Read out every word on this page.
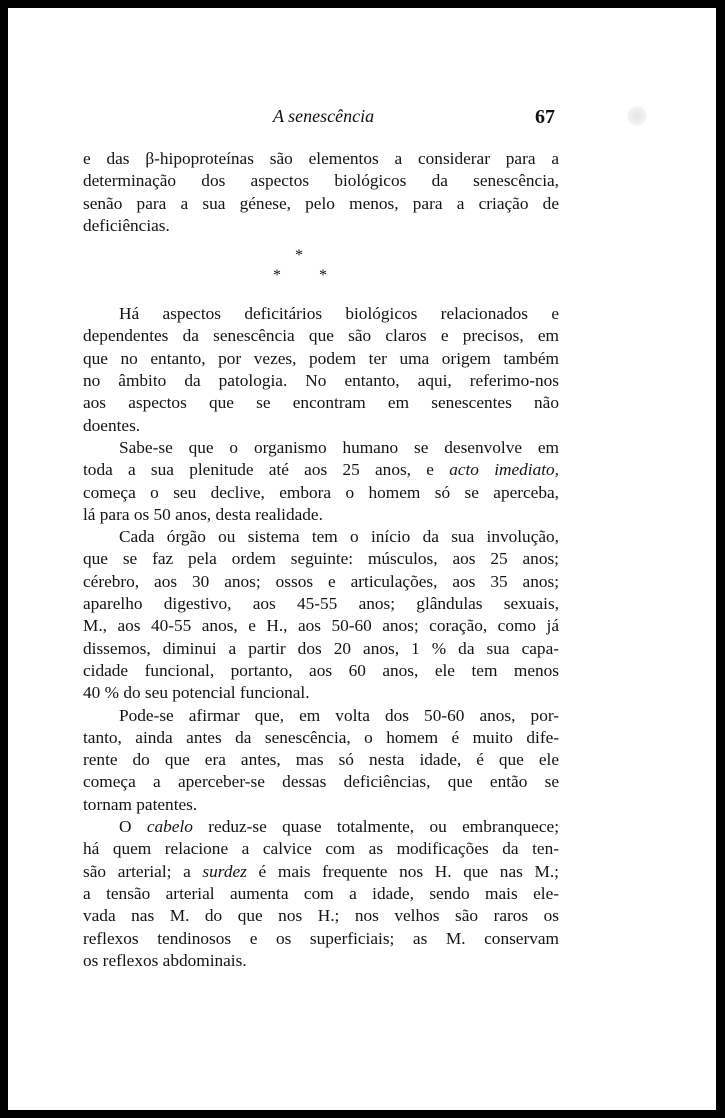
A senescência	67
e das β-hipoproteínas são elementos a considerar para a
determinação dos aspectos biológicos da senescência,
senão para a sua génese, pelo menos, para a criação de
deficiências.
*
* *
Há aspectos deficitários biológicos relacionados e
dependentes da senescência que são claros e precisos, em
que no entanto, por vezes, podem ter uma origem também
no âmbito da patologia. No entanto, aqui, referimo-nos
aos aspectos que se encontram em senescentes não
doentes.
Sabe-se que o organismo humano se desenvolve em
toda a sua plenitude até aos 25 anos, e acto imediato,
começa o seu declive, embora o homem só se aperceba,
lá para os 50 anos, desta realidade.
Cada órgão ou sistema tem o início da sua involução,
que se faz pela ordem seguinte: músculos, aos 25 anos;
cérebro, aos 30 anos; ossos e articulações, aos 35 anos;
aparelho digestivo, aos 45-55 anos; glândulas sexuais,
M., aos 40-55 anos, e H., aos 50-60 anos; coração, como já
dissemos, diminui a partir dos 20 anos, 1 % da sua capa-
cidade funcional, portanto, aos 60 anos, ele tem menos
40 % do seu potencial funcional.
Pode-se afirmar que, em volta dos 50-60 anos, por-
tanto, ainda antes da senescência, o homem é muito dife-
rente do que era antes, mas só nesta idade, é que ele
começa a aperceber-se dessas deficiências, que então se
tornam patentes.
O cabelo reduz-se quase totalmente, ou embranquece;
há quem relacione a calvice com as modificações da ten-
são arterial; a surdez é mais frequente nos H. que nas M.;
a tensão arterial aumenta com a idade, sendo mais ele-
vada nas M. do que nos H.; nos velhos são raros os
reflexos tendinosos e os superficiais; as M. conservam
os reflexos abdominais.
